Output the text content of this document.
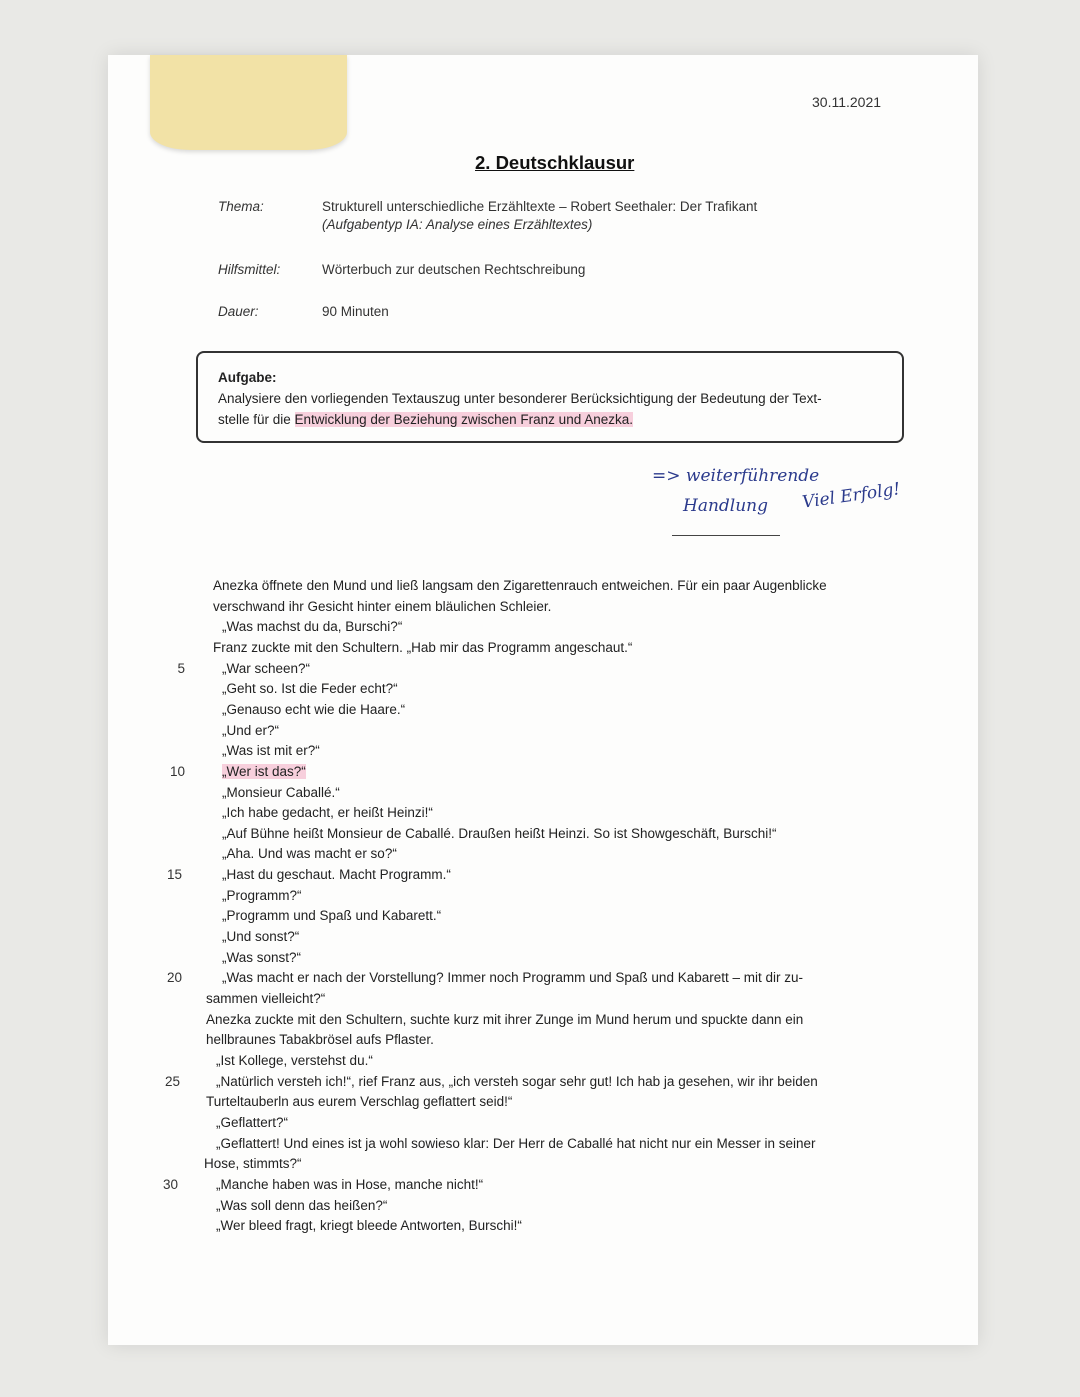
30.11.2021
2. Deutschklausur
Thema:	Strukturell unterschiedliche Erzähltexte – Robert Seethaler: Der Trafikant
(Aufgabentyp IA: Analyse eines Erzähltextes)
Hilfsmittel:	Wörterbuch zur deutschen Rechtschreibung
Dauer:	90 Minuten
Aufgabe:
Analysiere den vorliegenden Textauszug unter besonderer Berücksichtigung der Bedeutung der Text-
stelle für die Entwicklung der Beziehung zwischen Franz und Anezka.
=> weiterführende
Handlung Viel Erfolg!
Anezka öffnete den Mund und ließ langsam den Zigarettenrauch entweichen. Für ein paar Augenblicke
verschwand ihr Gesicht hinter einem bläulichen Schleier.
„Was machst du da, Burschi?“
Franz zuckte mit den Schultern. „Hab mir das Programm angeschaut.“
„War scheen?“
„Geht so. Ist die Feder echt?“
„Genauso echt wie die Haare.“
„Und er?“
„Was ist mit er?“
„Wer ist das?“
„Monsieur Caballé.“
„Ich habe gedacht, er heißt Heinzi!“
„Auf Bühne heißt Monsieur de Caballé. Draußen heißt Heinzi. So ist Showgeschäft, Burschi!“
„Aha. Und was macht er so?“
„Hast du geschaut. Macht Programm.“
„Programm?“
„Programm und Spaß und Kabarett.“
„Und sonst?“
„Was sonst?“
„Was macht er nach der Vorstellung? Immer noch Programm und Spaß und Kabarett – mit dir zu-
sammen vielleicht?“
Anezka zuckte mit den Schultern, suchte kurz mit ihrer Zunge im Mund herum und spuckte dann ein
hellbraunes Tabakbrösel aufs Pflaster.
„Ist Kollege, verstehst du.“
„Natürlich versteh ich!“, rief Franz aus, „ich versteh sogar sehr gut! Ich hab ja gesehen, wir ihr beiden
Turteltauberln aus eurem Verschlag geflattert seid!“
„Geflattert?“
„Geflattert! Und eines ist ja wohl sowieso klar: Der Herr de Caballé hat nicht nur ein Messer in seiner
Hose, stimmts?“
„Manche haben was in Hose, manche nicht!“
„Was soll denn das heißen?“
„Wer bleed fragt, kriegt bleede Antworten, Burschi!“
5
10
15
20
25
30
